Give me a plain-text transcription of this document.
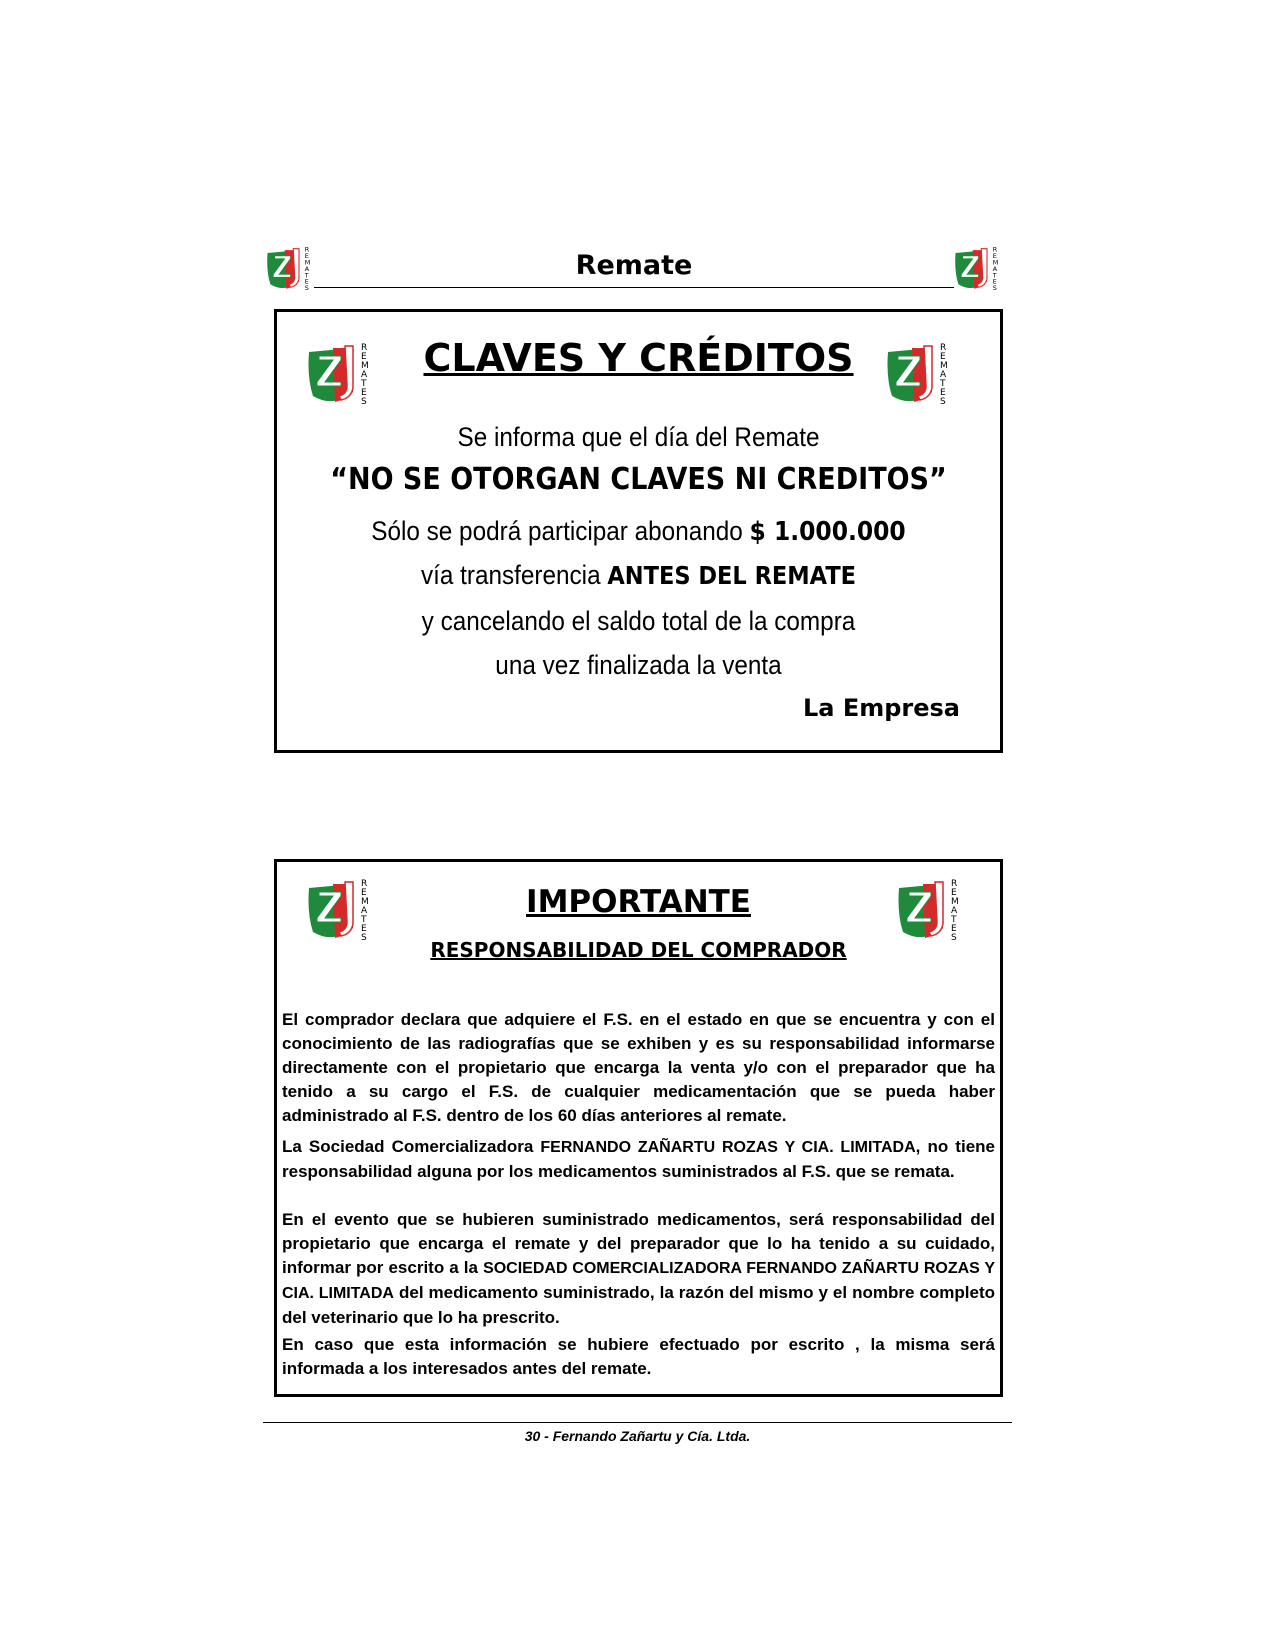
Remate
CLAVES Y CRÉDITOS
Se informa que el día del Remate
“NO SE OTORGAN CLAVES NI CREDITOS”
Sólo se podrá participar abonando $ 1.000.000
vía transferencia ANTES DEL REMATE
y cancelando el saldo total de la compra
una vez finalizada la venta
La Empresa
IMPORTANTE
RESPONSABILIDAD DEL COMPRADOR
El comprador declara que adquiere el F.S. en el estado en que se encuentra y con el conocimiento de las radiografías que se exhiben y es su responsabilidad informarse directamente con el propietario que encarga la venta y/o con el preparador que ha tenido a su cargo el F.S. de cualquier medicamentación que se pueda haber administrado al F.S. dentro de los 60 días anteriores al remate.
La Sociedad Comercializadora FERNANDO ZAÑARTU ROZAS Y CIA. LIMITADA, no tiene responsabilidad alguna por los medicamentos suministrados al F.S. que se remata.
En el evento que se hubieren suministrado medicamentos, será responsabilidad del propietario que encarga el remate y del preparador que lo ha tenido a su cuidado, informar por escrito a la SOCIEDAD COMERCIALIZADORA FERNANDO ZAÑARTU ROZAS Y CIA. LIMITADA del medicamento suministrado, la razón del mismo y el nombre completo del veterinario que lo ha prescrito.
En caso que esta información se hubiere efectuado por escrito , la misma será informada a los interesados antes del remate.
30 - Fernando Zañartu y Cía. Ltda.
